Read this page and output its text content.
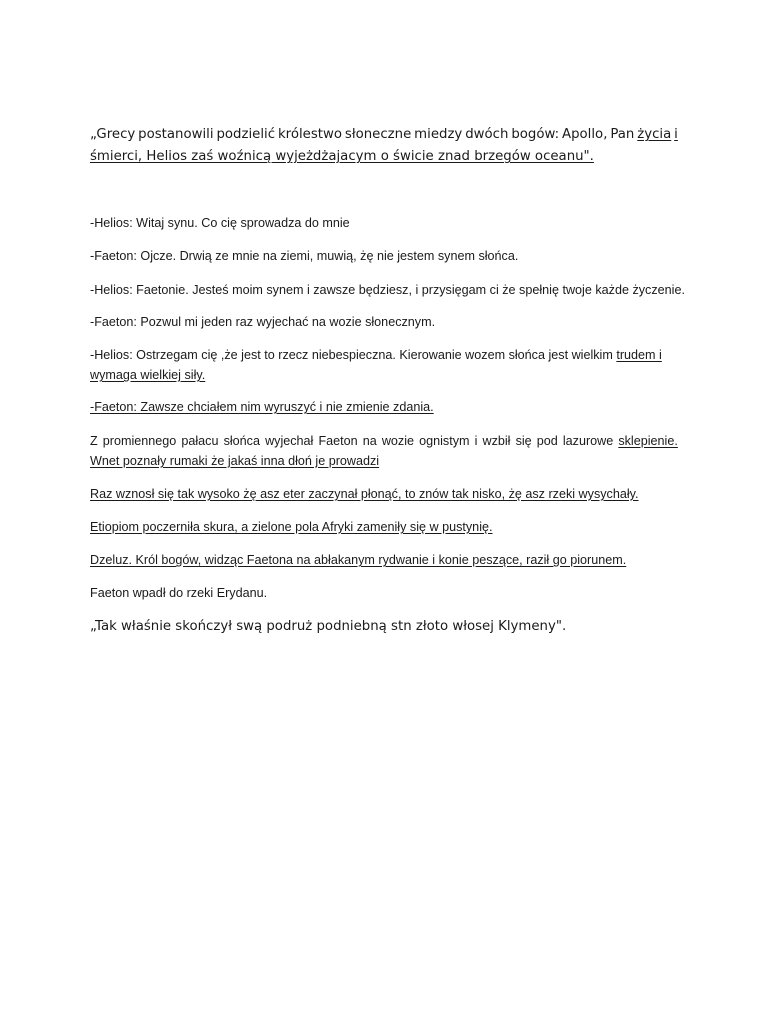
„Grecy postanowili podzielić królestwo słoneczne miedzy dwóch bogów: Apollo, Pan życia i
śmierci, Helios zaś woźnicą wyjeżdżajacym o świcie znad brzegów oceanu".

-Helios: Witaj synu. Co cię sprowadza do mnie

-Faeton: Ojcze. Drwią ze mnie na ziemi, muwią, żę nie jestem synem słońca.

-Helios: Faetonie. Jesteś moim synem i zawsze będziesz, i przysięgam ci że spełnię twoje każde życzenie.

-Faeton: Pozwul mi jeden raz wyjechać na wozie słonecznym.

-Helios: Ostrzegam cię ,że jest to rzecz niebespieczna. Kierowanie wozem słońca jest wielkim trudem i
wymaga wielkiej siły.

-Faeton: Zawsze chciałem nim wyruszyć i nie zmienie zdania.

Z promiennego pałacu słońca wyjechał Faeton na wozie ognistym i wzbił się pod lazurowe sklepienie.
Wnet poznały rumaki że jakaś inna dłoń je prowadzi

Raz wznosł się tak wysoko żę asz eter zaczynał płonąć, to znów tak nisko, żę asz rzeki wysychały.

Etiopiom poczerniła skura, a zielone pola Afryki zameniły się w pustynię.

Dzeluz. Król bogów, widząc Faetona na abłakanym rydwanie i konie peszące, raził go piorunem.

Faeton wpadł do rzeki Erydanu.

„Tak właśnie skończył swą podruż podniebną stn złoto włosej Klymeny".
